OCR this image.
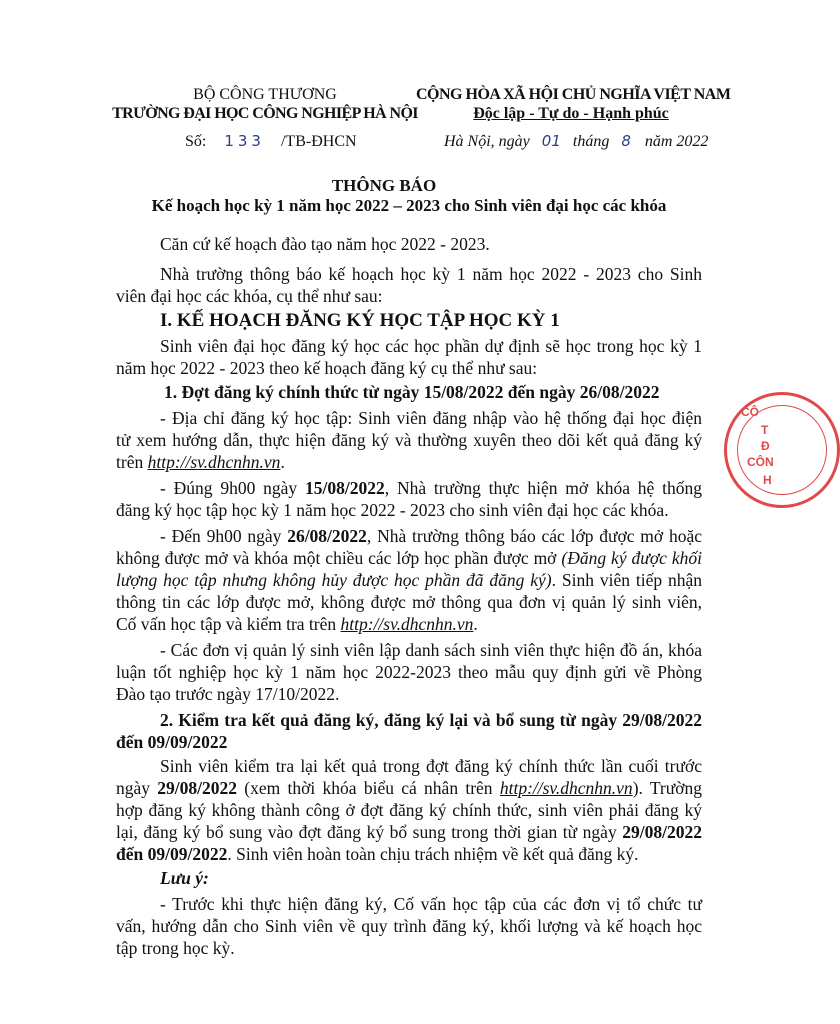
BỘ CÔNG THƯƠNG
TRƯỜNG ĐẠI HỌC CÔNG NGHIỆP HÀ NỘI
Số: 133 /TB-ĐHCN
CỘNG HÒA XÃ HỘI CHỦ NGHĨA VIỆT NAM
Độc lập - Tự do - Hạnh phúc
Hà Nội, ngày 01 tháng 8 năm 2022
THÔNG BÁO
Kế hoạch học kỳ 1 năm học 2022 – 2023 cho Sinh viên đại học các khóa
Căn cứ kế hoạch đào tạo năm học 2022 - 2023.
Nhà trường thông báo kế hoạch học kỳ 1 năm học 2022 - 2023 cho Sinh
viên đại học các khóa, cụ thể như sau:
I. KẾ HOẠCH ĐĂNG KÝ HỌC TẬP HỌC KỲ 1
Sinh viên đại học đăng ký học các học phần dự định sẽ học trong học kỳ 1
năm học 2022 - 2023 theo kế hoạch đăng ký cụ thể như sau:
1. Đợt đăng ký chính thức từ ngày 15/08/2022 đến ngày 26/08/2022
- Địa chỉ đăng ký học tập: Sinh viên đăng nhập vào hệ thống đại học điện
tử xem hướng dẫn, thực hiện đăng ký và thường xuyên theo dõi kết quả đăng ký
trên http://sv.dhcnhn.vn.
- Đúng 9h00 ngày 15/08/2022, Nhà trường thực hiện mở khóa hệ thống
đăng ký học tập học kỳ 1 năm học 2022 - 2023 cho sinh viên đại học các khóa.
- Đến 9h00 ngày 26/08/2022, Nhà trường thông báo các lớp được mở hoặc
không được mở và khóa một chiều các lớp học phần được mở (Đăng ký được khối
lượng học tập nhưng không hủy được học phần đã đăng ký). Sinh viên tiếp nhận
thông tin các lớp được mở, không được mở thông qua đơn vị quản lý sinh viên,
Cố vấn học tập và kiểm tra trên http://sv.dhcnhn.vn.
- Các đơn vị quản lý sinh viên lập danh sách sinh viên thực hiện đồ án, khóa
luận tốt nghiệp học kỳ 1 năm học 2022-2023 theo mẫu quy định gửi về Phòng
Đào tạo trước ngày 17/10/2022.
2. Kiểm tra kết quả đăng ký, đăng ký lại và bổ sung từ ngày 29/08/2022
đến 09/09/2022
Sinh viên kiểm tra lại kết quả trong đợt đăng ký chính thức lần cuối trước
ngày 29/08/2022 (xem thời khóa biểu cá nhân trên http://sv.dhcnhn.vn). Trường
hợp đăng ký không thành công ở đợt đăng ký chính thức, sinh viên phải đăng ký
lại, đăng ký bổ sung vào đợt đăng ký bổ sung trong thời gian từ ngày 29/08/2022
đến 09/09/2022. Sinh viên hoàn toàn chịu trách nhiệm về kết quả đăng ký.
Lưu ý:
- Trước khi thực hiện đăng ký, Cố vấn học tập của các đơn vị tổ chức tư
vấn, hướng dẫn cho Sinh viên về quy trình đăng ký, khối lượng và kế hoạch học
tập trong học kỳ.
CÔ
T
Đ
CÔN
H
